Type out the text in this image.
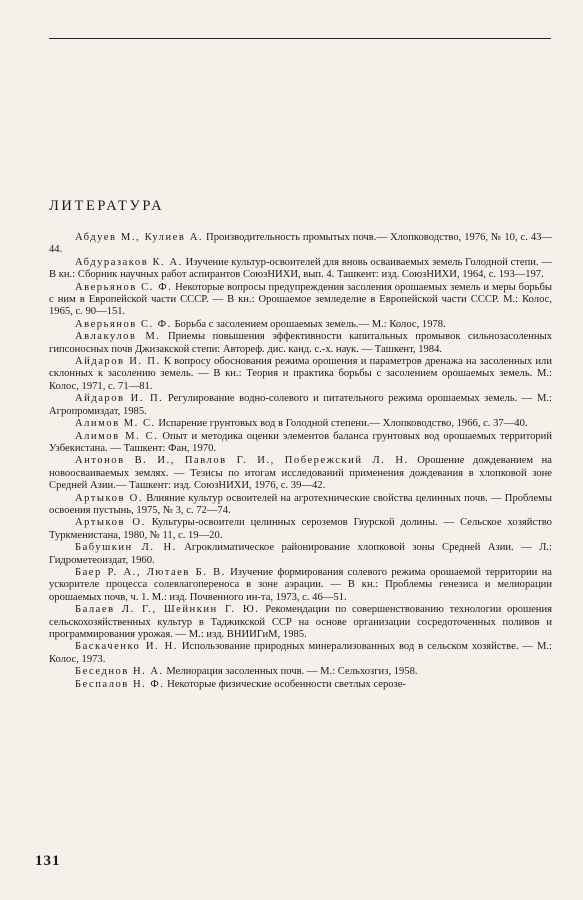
ЛИТЕРАТУРА

Абдуев М., Кулиев А. Производительность промытых почв.— Хлопководство, 1976, № 10, с. 43—44.

Абдуразаков К. А. Изучение культур-освоителей для вновь осваиваемых земель Голодной степи. — В кн.: Сборник научных работ аспирантов СоюзНИХИ, вып. 4. Ташкент: изд. СоюзНИХИ, 1964, с. 193—197.

Аверьянов С. Ф. Некоторые вопросы предупреждения засоления орошаемых земель и меры борьбы с ним в Европейской части СССР. — В кн.: Орошаемое земледелие в Европейской части СССР. М.: Колос, 1965, с. 90—151.

Аверьянов С. Ф. Борьба с засолением орошаемых земель.— М.: Колос, 1978.

Авлакулов М. Приемы повышения эффективности капитальных промывок сильнозасоленных гипсоносных почв Джизакской степи: Автореф. дис. канд. с.-х. наук. — Ташкент, 1984.

Айдаров И. П. К вопросу обоснования режима орошения и параметров дренажа на засоленных или склонных к засолению земель. — В кн.: Теория и практика борьбы с засолением орошаемых земель. М.: Колос, 1971, с. 71—81.

Айдаров И. П. Регулирование водно-солевого и питательного режима орошаемых земель. — М.: Агропромиздат, 1985.

Алимов М. С. Испарение грунтовых вод в Голодной степени.— Хлопководство, 1966, с. 37—40.

Алимов М. С. Опыт и методика оценки элементов баланса грунтовых вод орошаемых территорий Узбекистана. — Ташкент: Фан, 1970.

Антонов В. И., Павлов Г. И., Побережский Л. Н. Орошение дождеванием на новоосваиваемых землях. — Тезисы по итогам исследований применения дождевания в хлопковой зоне Средней Азии.— Ташкент: изд. СоюзНИХИ, 1976, с. 39—42.

Артыков О. Влияние культур освоителей на агротехнические свойства целинных почв. — Проблемы освоения пустынь, 1975, № 3, с. 72—74.

Артыков О. Культуры-освоители целинных сероземов Гяурской долины. — Сельское хозяйство Туркменистана, 1980, № 11, с. 19—20.

Бабушкин Л. Н. Агроклиматическое районирование хлопковой зоны Средней Азии. — Л.: Гидрометеоиздат, 1960.

Баер Р. А., Лютаев Б. В. Изучение формирования солевого режима орошаемой территории на ускорителе процесса солевлагопереноса в зоне аэрации. — В кн.: Проблемы генезиса и мелиорации орошаемых почв, ч. 1. М.: изд. Почвенного ин-та, 1973, с. 46—51.

Балаев Л. Г., Шейнкин Г. Ю. Рекомендации по совершенствованию технологии орошения сельскохозяйственных культур в Таджикской ССР на основе организации сосредоточенных поливов и программирования урожая. — М.: изд. ВНИИГиМ, 1985.

Баскаченко И. Н. Использование природных минерализованных вод в сельском хозяйстве. — М.: Колос, 1973.

Беседнов Н. А. Мелиорация засоленных почв. — М.: Сельхозгиз, 1958.

Беспалов Н. Ф. Некоторые физические особенности светлых серозе-

131
